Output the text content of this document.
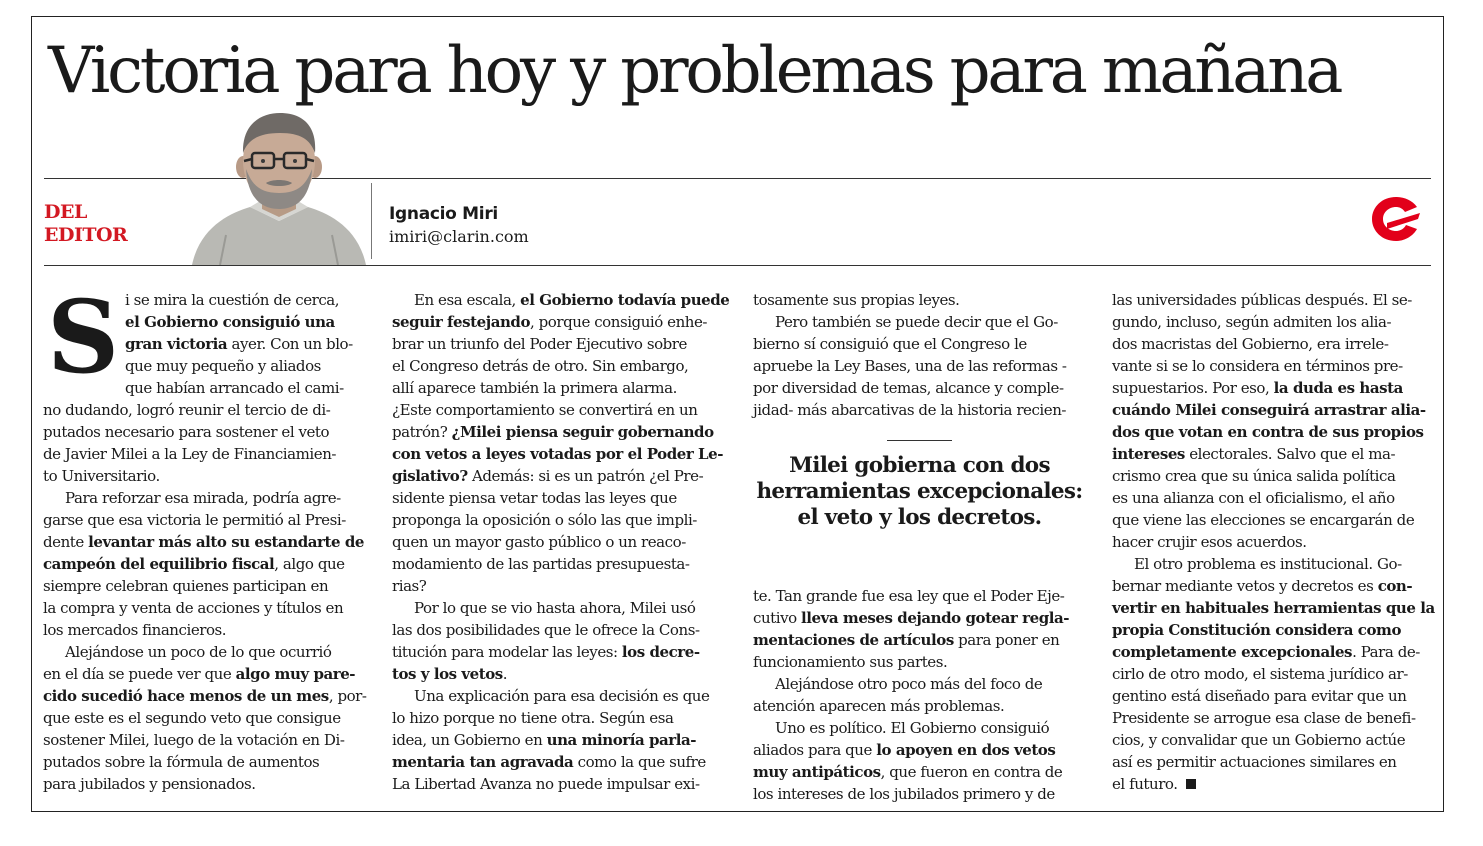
Victoria para hoy y problemas para mañana
DEL
EDITOR
Ignacio Miri
imiri@clarin.com
S i se mira la cuestión de cerca,
el Gobierno consiguió una
gran victoria ayer. Con un blo-
que muy pequeño y aliados
que habían arrancado el cami-
no dudando, logró reunir el tercio de di-
putados necesario para sostener el veto
de Javier Milei a la Ley de Financiamien-
to Universitario.
Para reforzar esa mirada, podría agre-
garse que esa victoria le permitió al Presi-
dente levantar más alto su estandarte de
campeón del equilibrio fiscal, algo que
siempre celebran quienes participan en
la compra y venta de acciones y títulos en
los mercados financieros.
Alejándose un poco de lo que ocurrió
en el día se puede ver que algo muy pare-
cido sucedió hace menos de un mes, por-
que este es el segundo veto que consigue
sostener Milei, luego de la votación en Di-
putados sobre la fórmula de aumentos
para jubilados y pensionados.
En esa escala, el Gobierno todavía puede
seguir festejando, porque consiguió enhe-
brar un triunfo del Poder Ejecutivo sobre
el Congreso detrás de otro. Sin embargo,
allí aparece también la primera alarma.
¿Este comportamiento se convertirá en un
patrón? ¿Milei piensa seguir gobernando
con vetos a leyes votadas por el Poder Le-
gislativo? Además: si es un patrón ¿el Pre-
sidente piensa vetar todas las leyes que
proponga la oposición o sólo las que impli-
quen un mayor gasto público o un reaco-
modamiento de las partidas presupuesta-
rias?
Por lo que se vio hasta ahora, Milei usó
las dos posibilidades que le ofrece la Cons-
titución para modelar las leyes: los decre-
tos y los vetos.
Una explicación para esa decisión es que
lo hizo porque no tiene otra. Según esa
idea, un Gobierno en una minoría parla-
mentaria tan agravada como la que sufre
La Libertad Avanza no puede impulsar exi-
tosamente sus propias leyes.
Pero también se puede decir que el Go-
bierno sí consiguió que el Congreso le
apruebe la Ley Bases, una de las reformas -
por diversidad de temas, alcance y comple-
jidad- más abarcativas de la historia recien-
te. Tan grande fue esa ley que el Poder Eje-
cutivo lleva meses dejando gotear regla-
mentaciones de artículos para poner en
funcionamiento sus partes.
Alejándose otro poco más del foco de
atención aparecen más problemas.
Uno es político. El Gobierno consiguió
aliados para que lo apoyen en dos vetos
muy antipáticos, que fueron en contra de
los intereses de los jubilados primero y de
las universidades públicas después. El se-
gundo, incluso, según admiten los alia-
dos macristas del Gobierno, era irrele-
vante si se lo considera en términos pre-
supuestarios. Por eso, la duda es hasta
cuándo Milei conseguirá arrastrar alia-
dos que votan en contra de sus propios
intereses electorales. Salvo que el ma-
crismo crea que su única salida política
es una alianza con el oficialismo, el año
que viene las elecciones se encargarán de
hacer crujir esos acuerdos.
El otro problema es institucional. Go-
bernar mediante vetos y decretos es con-
vertir en habituales herramientas que la
propia Constitución considera como
completamente excepcionales. Para de-
cirlo de otro modo, el sistema jurídico ar-
gentino está diseñado para evitar que un
Presidente se arrogue esa clase de benefi-
cios, y convalidar que un Gobierno actúe
así es permitir actuaciones similares en
el futuro.
Milei gobierna con dos
herramientas excepcionales:
el veto y los decretos.
